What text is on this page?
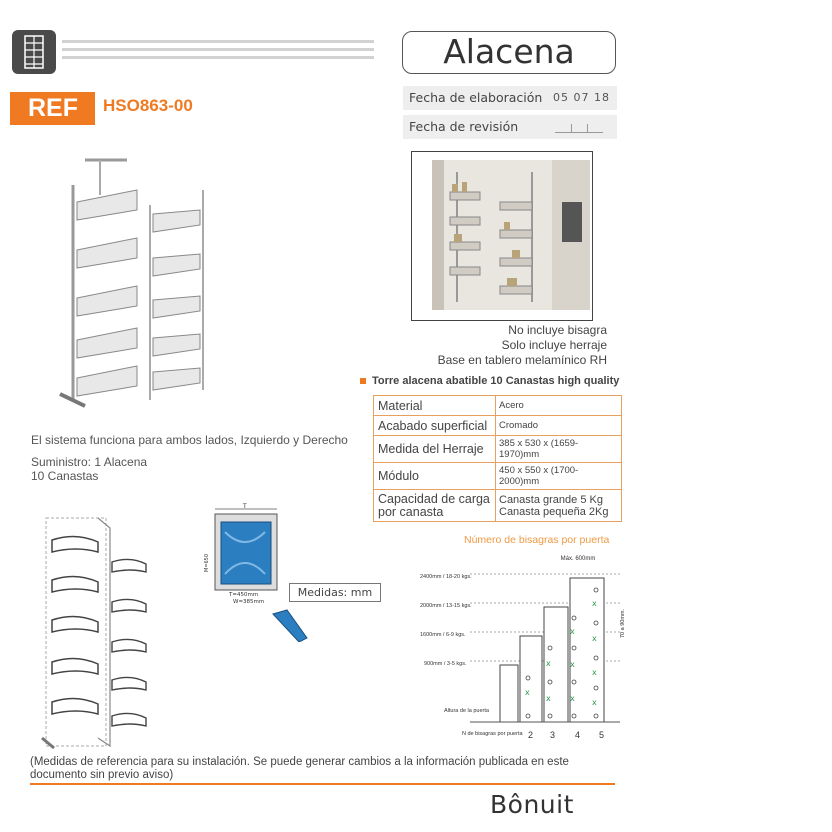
Alacena
REF	HSO863-00	Fecha de elaboración 05 07 18
Fecha de revisión
No incluye bisagra
Solo incluye herraje
Base en tablero melamínico RH
Torre alacena abatible 10 Canastas high quality
Material	Acero
Acabado superficial	Cromado
Medida del Herraje	385 x 530 x (1659-1970)mm
Módulo	450 x 550 x (1700-2000)mm
Capacidad de carga por canasta	Canasta grande 5 Kg
Canasta pequeña 2Kg
El sistema funciona para ambos lados, Izquierdo y Derecho
Suministro: 1 Alacena
10 Canastas
T
M=650
T=450mm
W=385mm
Medidas: mm
Número de bisagras por puerta
Máx. 600mm
2400mm / 18-20 kgs.
2000mm / 13-15 kgs.
1600mm / 6-9 kgs.
900mm / 3-5 kgs.
Altura de la puerta
N de bisagras por puerta 2 3 4 5
70 a 90mm.
x
x
x
x
x
x
x
x
x
x
(Medidas de referencia para su instalación. Se puede generar cambios a la información publicada en este documento sin previo aviso)
Bônuit
